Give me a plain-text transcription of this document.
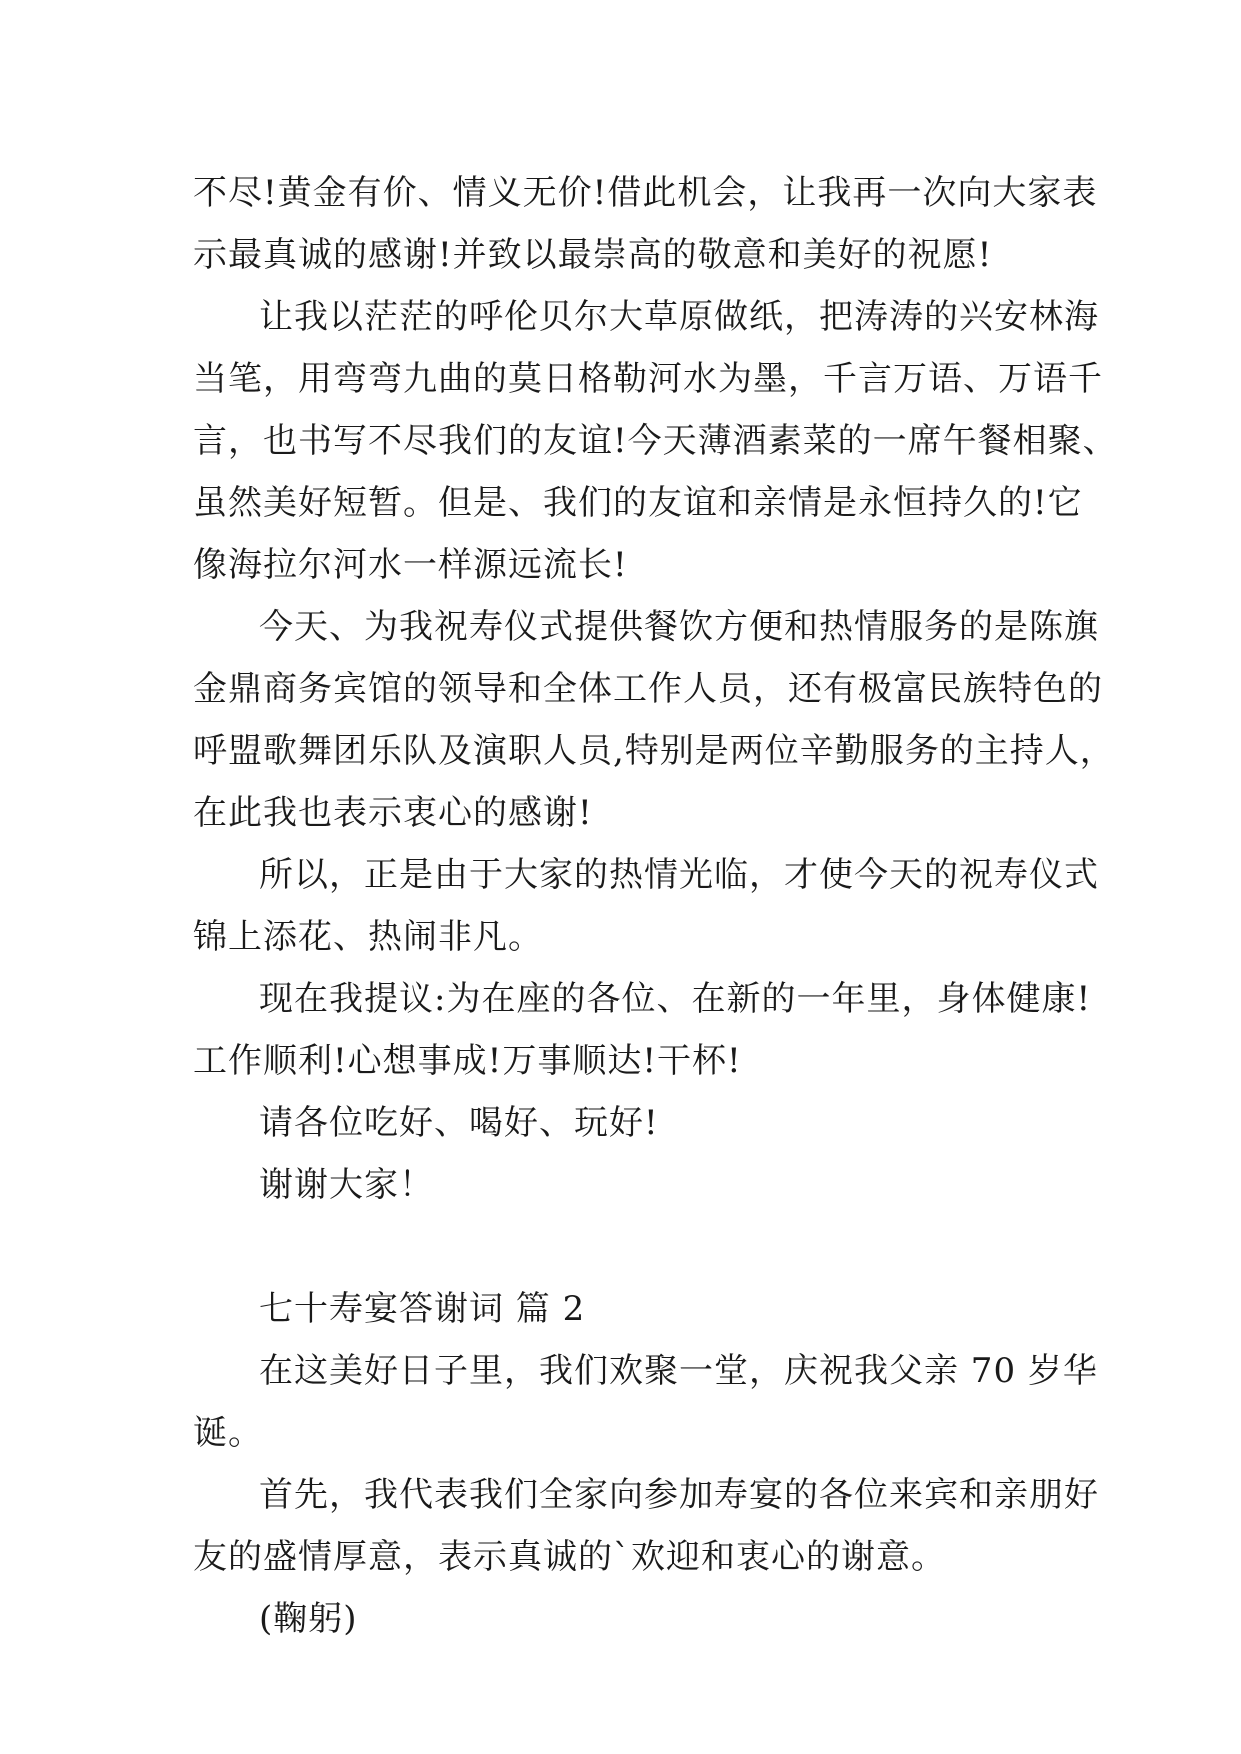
不尽!黄金有价、情义无价!借此机会，让我再一次向大家表
示最真诚的感谢!并致以最崇高的敬意和美好的祝愿!
让我以茫茫的呼伦贝尔大草原做纸，把涛涛的兴安林海
当笔，用弯弯九曲的莫日格勒河水为墨，千言万语、万语千
言，也书写不尽我们的友谊!今天薄酒素菜的一席午餐相聚、
虽然美好短暂。但是、我们的友谊和亲情是永恒持久的!它
像海拉尔河水一样源远流长!
今天、为我祝寿仪式提供餐饮方便和热情服务的是陈旗
金鼎商务宾馆的领导和全体工作人员，还有极富民族特色的
呼盟歌舞团乐队及演职人员,特别是两位辛勤服务的主持人，
在此我也表示衷心的感谢!
所以，正是由于大家的热情光临，才使今天的祝寿仪式
锦上添花、热闹非凡。
现在我提议:为在座的各位、在新的一年里，身体健康!
工作顺利!心想事成!万事顺达!干杯!
请各位吃好、喝好、玩好!
谢谢大家！
七十寿宴答谢词 篇 2
在这美好日子里，我们欢聚一堂，庆祝我父亲 70 岁华
诞。
首先，我代表我们全家向参加寿宴的各位来宾和亲朋好
友的盛情厚意，表示真诚的`欢迎和衷心的谢意。
(鞠躬)
